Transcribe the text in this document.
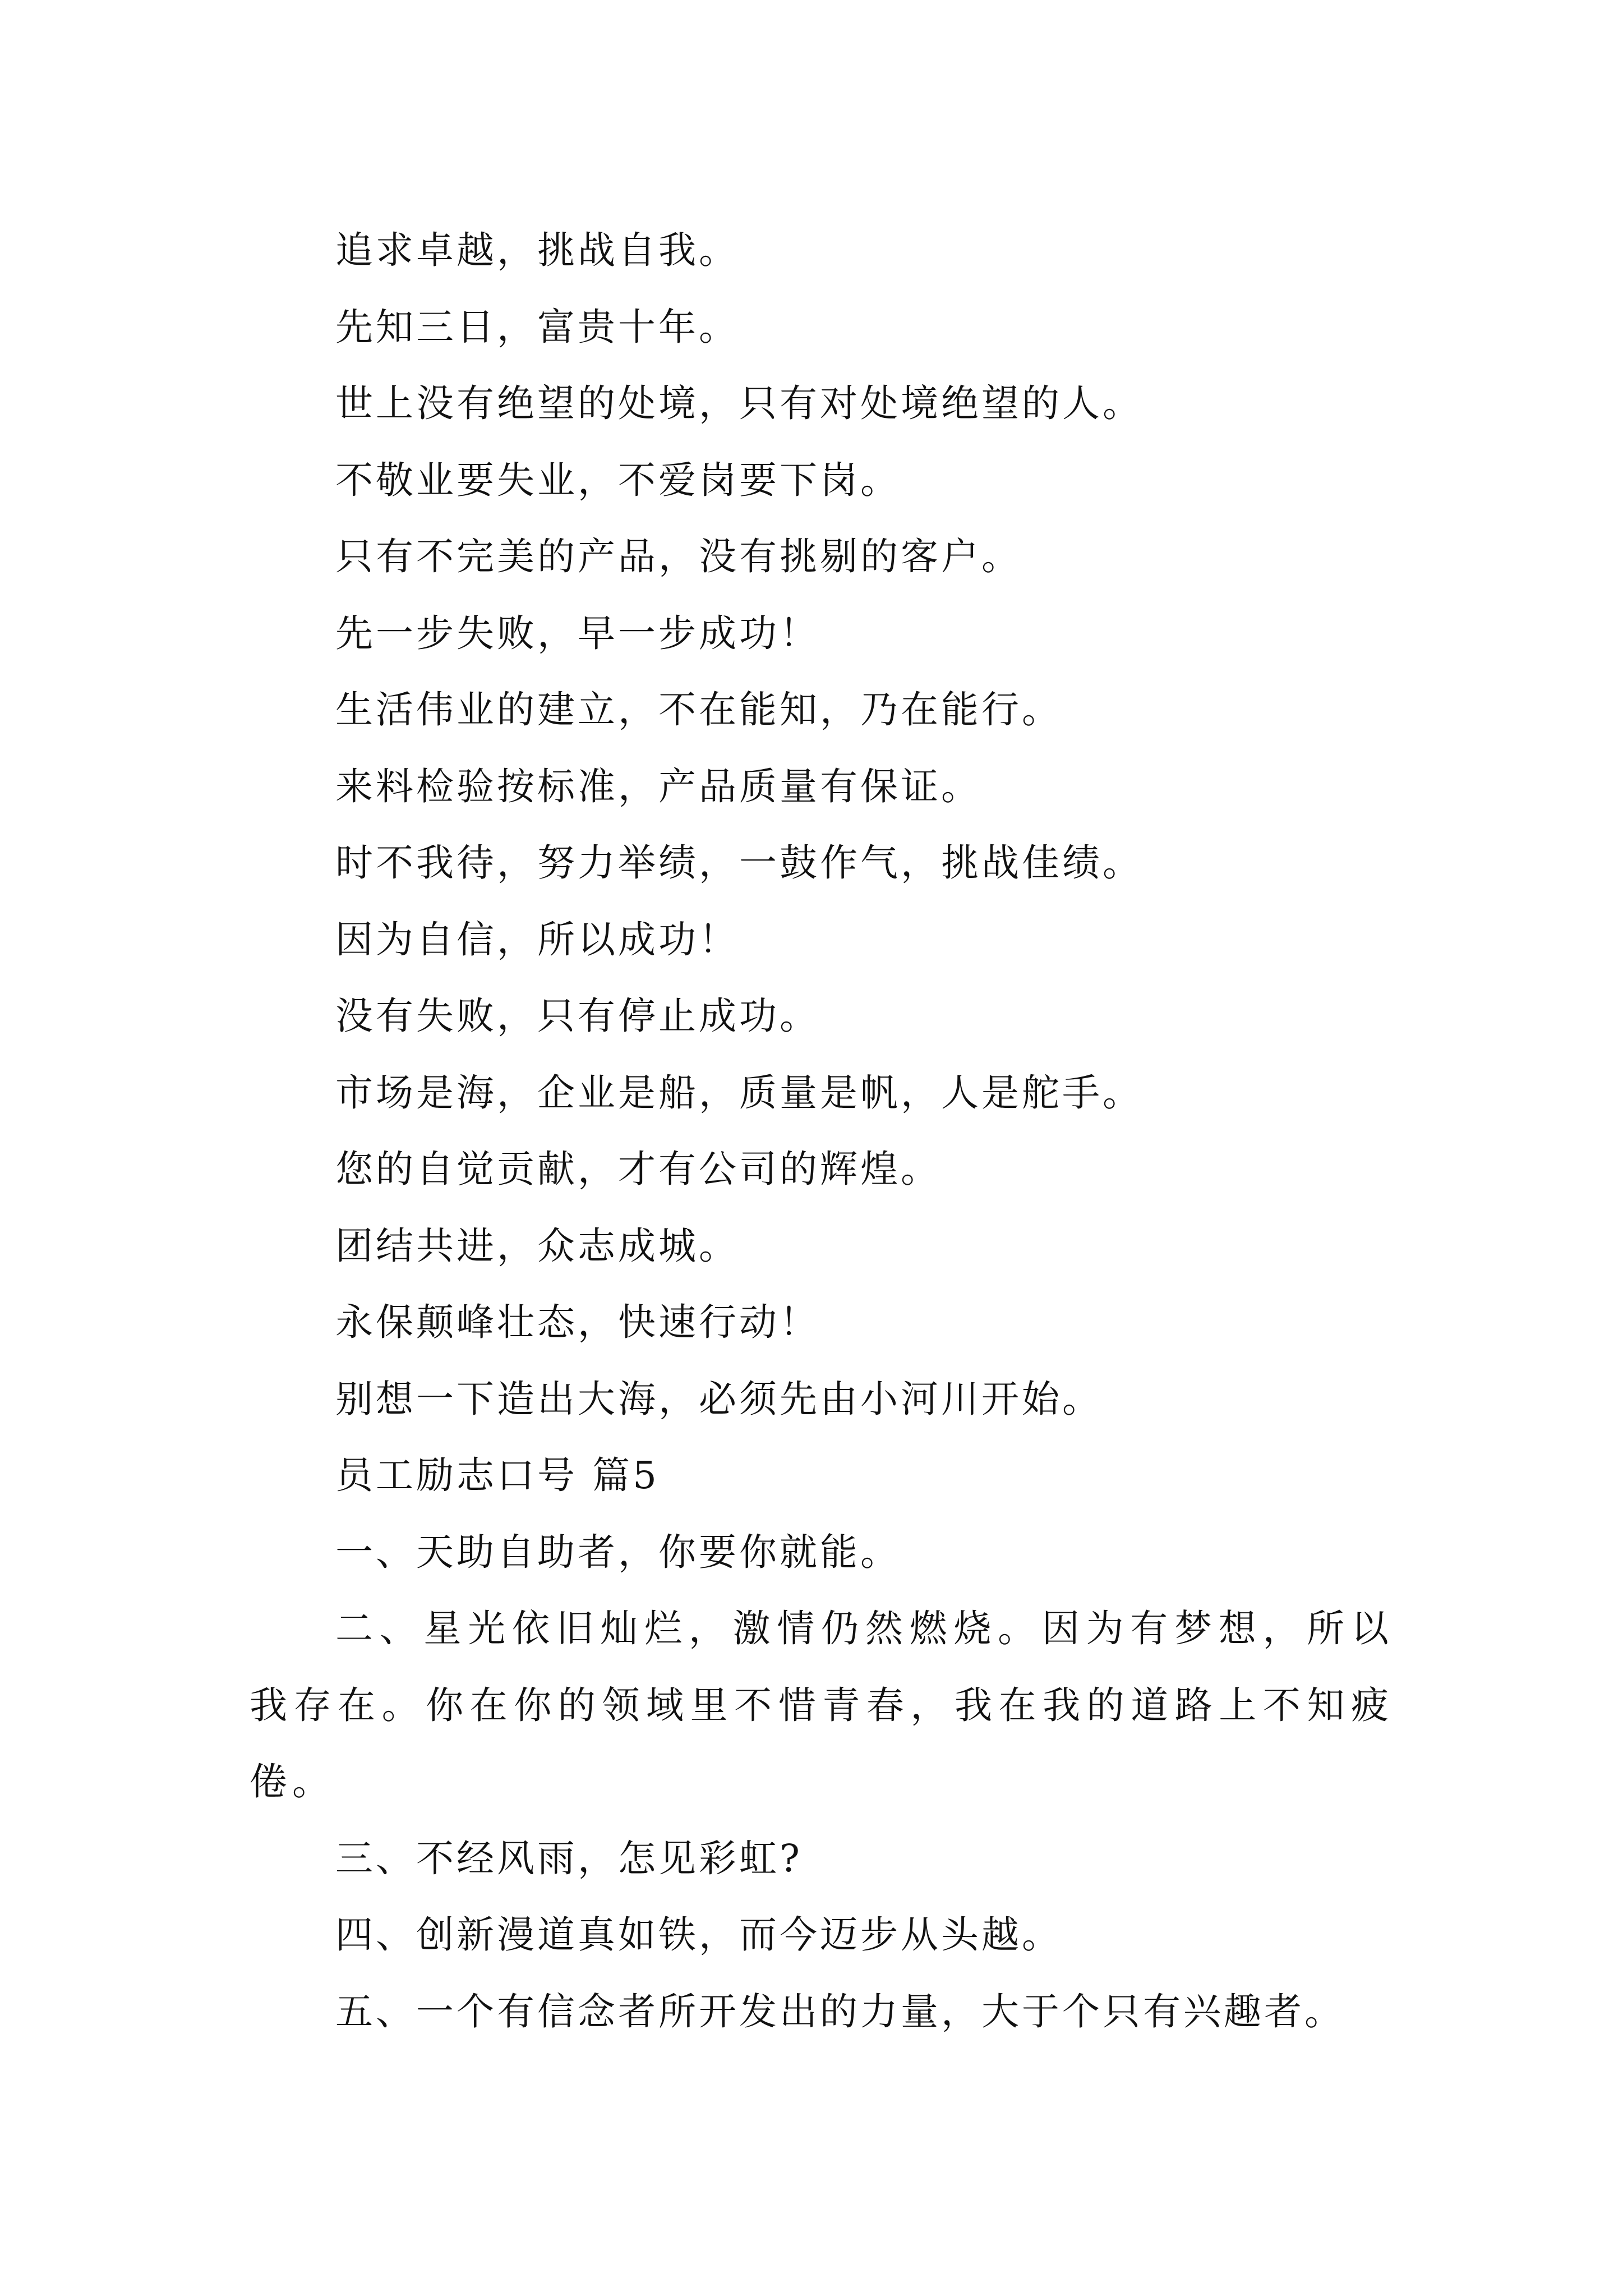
追求卓越，挑战自我。
先知三日，富贵十年。
世上没有绝望的处境，只有对处境绝望的人。
不敬业要失业，不爱岗要下岗。
只有不完美的产品，没有挑剔的客户。
先一步失败，早一步成功！
生活伟业的建立，不在能知，乃在能行。
来料检验按标准，产品质量有保证。
时不我待，努力举绩，一鼓作气，挑战佳绩。
因为自信，所以成功！
没有失败，只有停止成功。
市场是海，企业是船，质量是帆，人是舵手。
您的自觉贡献，才有公司的辉煌。
团结共进，众志成城。
永保颠峰壮态，快速行动！
别想一下造出大海，必须先由小河川开始。
员工励志口号 篇5
一、天助自助者，你要你就能。
二、星光依旧灿烂，激情仍然燃烧。因为有梦想，所以我存在。你在你的领域里不惜青春，我在我的道路上不知疲倦。
三、不经风雨，怎见彩虹?
四、创新漫道真如铁，而今迈步从头越。
五、一个有信念者所开发出的力量，大于个只有兴趣者。
